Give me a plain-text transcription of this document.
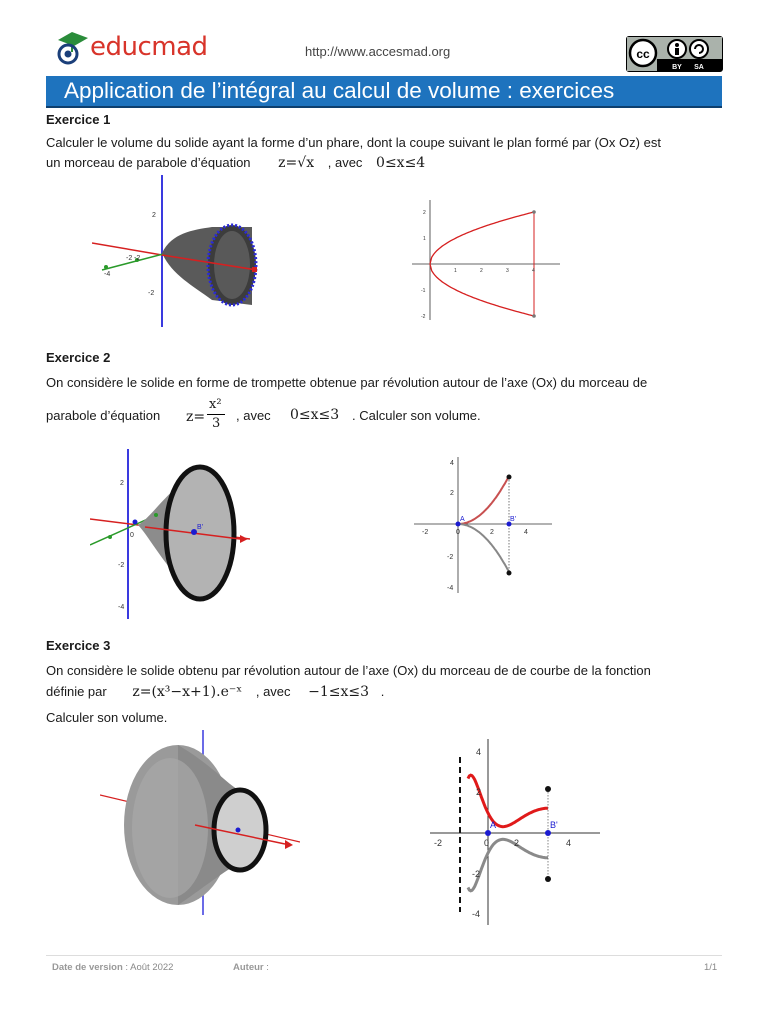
educmad	http://www.accesmad.org	cc
BY SA
Application de l’intégral au calcul de volume : exercices
Exercice 1
Calculer le volume du solide ayant la forme d’un phare, dont la coupe suivant le plan formé par (Ox Oz) est
un morceau de parabole d’équation z=√x , avec 0≤x≤4
2
-2
-4
-2 -2
1	2	3	4
2
1
-1
-2
Exercice 2
On considère le solide en forme de trompette obtenue par révolution autour de l’axe (Ox) du morceau de
parabole d’équation z=
x²
3
, avec 0≤x≤3 . Calculer son volume.
2
-2
-4
0
B'
A	B'
-2	0	2	4
4
2
-2
-4
Exercice 3
On considère le solide obtenu par révolution autour de l’axe (Ox) du morceau de de courbe de la fonction
définie par z=(x³−x+1).e⁻ˣ , avec −1≤x≤3 .
Calculer son volume.
A	B'
-2	0	2	4
4
2
-2
-4
Date de version : Août 2022	Auteur :	1/1
